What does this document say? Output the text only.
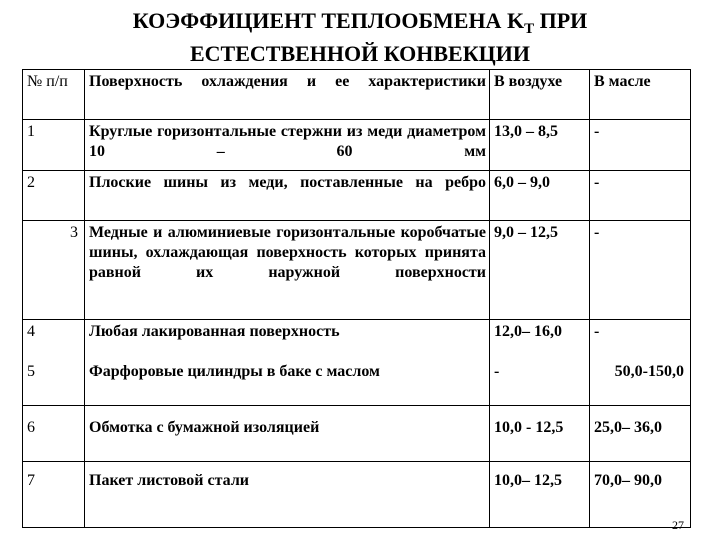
КОЭФФИЦИЕНТ ТЕПЛООБМЕНА $K_T$ ПРИ
ЕСТЕСТВЕННОЙ КОНВЕКЦИИ
№ п/п	Поверхность охлаждения и ее характеристики	В воздухе	В масле
1	Круглые горизонтальные стержни из меди диаметром 10 – 60 мм	13,0 – 8,5	-
2	Плоские шины из меди, поставленные на ребро	6,0 – 9,0	-
3	Медные и алюминиевые горизонтальные коробчатые шины, охлаждающая поверхность которых принята равной их наружной поверхности	9,0 – 12,5	-
4	Любая лакированная поверхность	12,0– 16,0	-
5	Фарфоровые цилиндры в баке с маслом	-	50,0-150,0
6	Обмотка с бумажной изоляцией	10,0 - 12,5	25,0– 36,0
7	Пакет листовой стали	10,0– 12,5	70,0– 90,0
27
